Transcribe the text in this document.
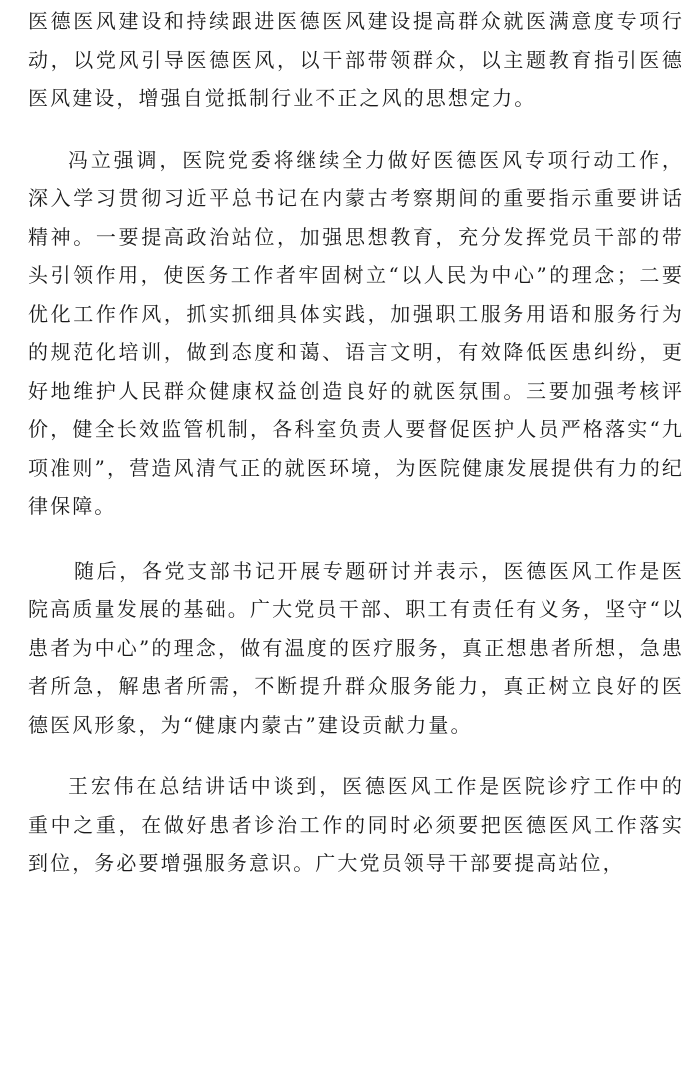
医德医风建设和持续跟进医德医风建设提高群众就医满意度专项行动，以党风引导医德医风，以干部带领群众，以主题教育指引医德医风建设，增强自觉抵制行业不正之风的思想定力。

冯立强调，医院党委将继续全力做好医德医风专项行动工作，深入学习贯彻习近平总书记在内蒙古考察期间的重要指示重要讲话精神。一要提高政治站位，加强思想教育，充分发挥党员干部的带头引领作用，使医务工作者牢固树立“以人民为中心”的理念；二要优化工作作风，抓实抓细具体实践，加强职工服务用语和服务行为的规范化培训，做到态度和蔼、语言文明，有效降低医患纠纷，更好地维护人民群众健康权益创造良好的就医氛围。三要加强考核评价，健全长效监管机制，各科室负责人要督促医护人员严格落实“九项准则”，营造风清气正的就医环境，为医院健康发展提供有力的纪律保障。

随后，各党支部书记开展专题研讨并表示，医德医风工作是医院高质量发展的基础。广大党员干部、职工有责任有义务，坚守“以患者为中心”的理念，做有温度的医疗服务，真正想患者所想，急患者所急，解患者所需，不断提升群众服务能力，真正树立良好的医德医风形象，为“健康内蒙古”建设贡献力量。

王宏伟在总结讲话中谈到，医德医风工作是医院诊疗工作中的重中之重，在做好患者诊治工作的同时必须要把医德医风工作落实到位，务必要增强服务意识。广大党员领导干部要提高站位，
